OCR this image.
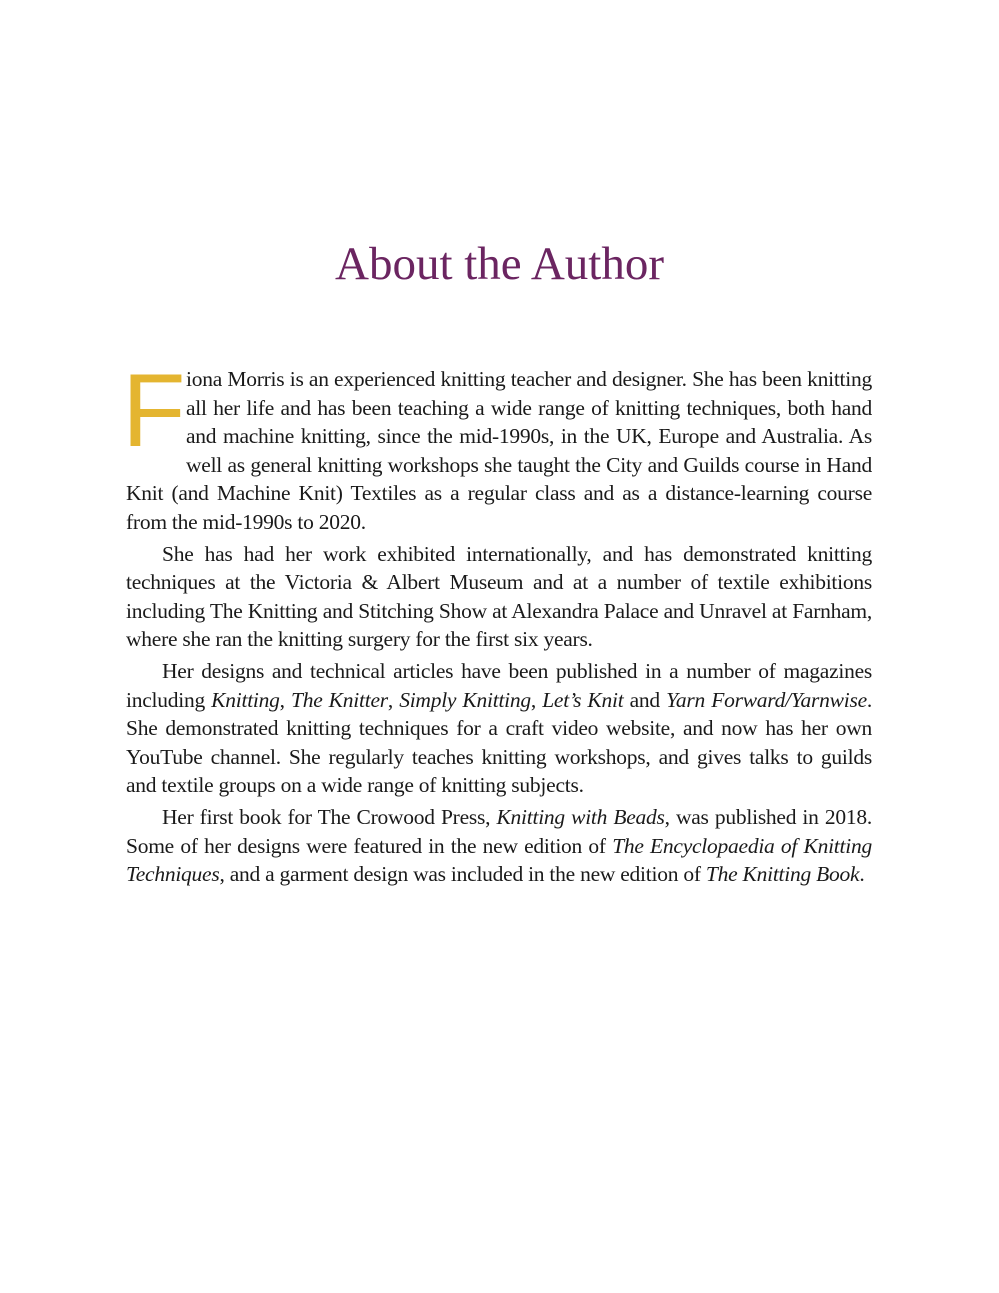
About the Author

Fiona Morris is an experienced knitting teacher and designer. She has been knitting all her life and has been teaching a wide range of knitting techniques, both hand and machine knitting, since the mid-1990s, in the UK, Europe and Australia. As well as general knitting workshops she taught the City and Guilds course in Hand Knit (and Machine Knit) Textiles as a regular class and as a distance-learning course from the mid-1990s to 2020.

She has had her work exhibited internationally, and has demonstrated knitting techniques at the Victoria & Albert Museum and at a number of textile exhibitions including The Knitting and Stitching Show at Alexandra Palace and Unravel at Farnham, where she ran the knitting surgery for the first six years.

Her designs and technical articles have been published in a number of magazines including Knitting, The Knitter, Simply Knitting, Let’s Knit and Yarn Forward/Yarnwise. She demonstrated knitting techniques for a craft video website, and now has her own YouTube channel. She regularly teaches knitting workshops, and gives talks to guilds and textile groups on a wide range of knitting subjects.

Her first book for The Crowood Press, Knitting with Beads, was published in 2018. Some of her designs were featured in the new edition of The Encyclopaedia of Knitting Techniques, and a garment design was included in the new edition of The Knitting Book.
